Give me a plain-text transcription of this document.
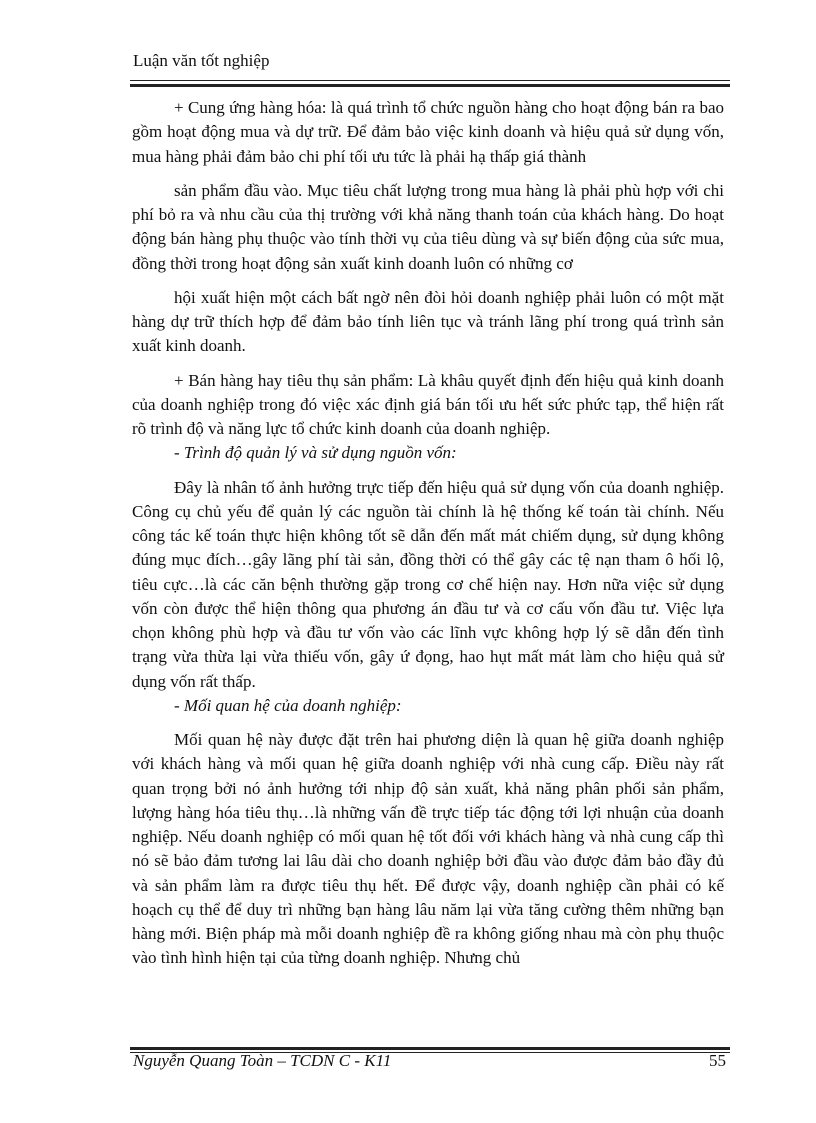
Luận văn tốt nghiệp

+ Cung ứng hàng hóa: là quá trình tổ chức nguồn hàng cho hoạt động bán ra bao gồm hoạt động mua và dự trữ. Để đảm bảo việc kinh doanh và hiệu quả sử dụng vốn, mua hàng phải đảm bảo chi phí tối ưu tức là phải hạ thấp giá thành

sản phẩm đầu vào. Mục tiêu chất lượng trong mua hàng là phải phù hợp với chi phí bỏ ra và nhu cầu của thị trường với khả năng thanh toán của khách hàng. Do hoạt động bán hàng phụ thuộc vào tính thời vụ của tiêu dùng và sự biến động của sức mua, đồng thời trong hoạt động sản xuất kinh doanh luôn có những cơ

hội xuất hiện một cách bất ngờ nên đòi hỏi doanh nghiệp phải luôn có một mặt hàng dự trữ thích hợp để đảm bảo tính liên tục và tránh lãng phí trong quá trình sản xuất kinh doanh.

+ Bán hàng hay tiêu thụ sản phẩm: Là khâu quyết định đến hiệu quả kinh doanh của doanh nghiệp trong đó việc xác định giá bán tối ưu hết sức phức tạp, thể hiện rất rõ trình độ và năng lực tổ chức kinh doanh của doanh nghiệp.

- Trình độ quản lý và sử dụng nguồn vốn:

Đây là nhân tố ảnh hưởng trực tiếp đến hiệu quả sử dụng vốn của doanh nghiệp. Công cụ chủ yếu để quản lý các nguồn tài chính là hệ thống kế toán tài chính. Nếu công tác kế toán thực hiện không tốt sẽ dẫn đến mất mát chiếm dụng, sử dụng không đúng mục đích…gây lãng phí tài sản, đồng thời có thể gây các tệ nạn tham ô hối lộ, tiêu cực…là các căn bệnh thường gặp trong cơ chế hiện nay. Hơn nữa việc sử dụng vốn còn được thể hiện thông qua phương án đầu tư và cơ cấu vốn đầu tư. Việc lựa chọn không phù hợp và đầu tư vốn vào các lĩnh vực không hợp lý sẽ dẫn đến tình trạng vừa thừa lại vừa thiếu vốn, gây ứ đọng, hao hụt mất mát làm cho hiệu quả sử dụng vốn rất thấp.

- Mối quan hệ của doanh nghiệp:

Mối quan hệ này được đặt trên hai phương diện là quan hệ giữa doanh nghiệp với khách hàng và mối quan hệ giữa doanh nghiệp với nhà cung cấp. Điều này rất quan trọng bởi nó ảnh hưởng tới nhịp độ sản xuất, khả năng phân phối sản phẩm, lượng hàng hóa tiêu thụ…là những vấn đề trực tiếp tác động tới lợi nhuận của doanh nghiệp. Nếu doanh nghiệp có mối quan hệ tốt đối với khách hàng và nhà cung cấp thì nó sẽ bảo đảm tương lai lâu dài cho doanh nghiệp bởi đầu vào được đảm bảo đầy đủ và sản phẩm làm ra được tiêu thụ hết. Để được vậy, doanh nghiệp cần phải có kế hoạch cụ thể để duy trì những bạn hàng lâu năm lại vừa tăng cường thêm những bạn hàng mới. Biện pháp mà mỗi doanh nghiệp đề ra không giống nhau mà còn phụ thuộc vào tình hình hiện tại của từng doanh nghiệp. Nhưng chủ

Nguyễn Quang Toàn – TCDN C - K11	55
